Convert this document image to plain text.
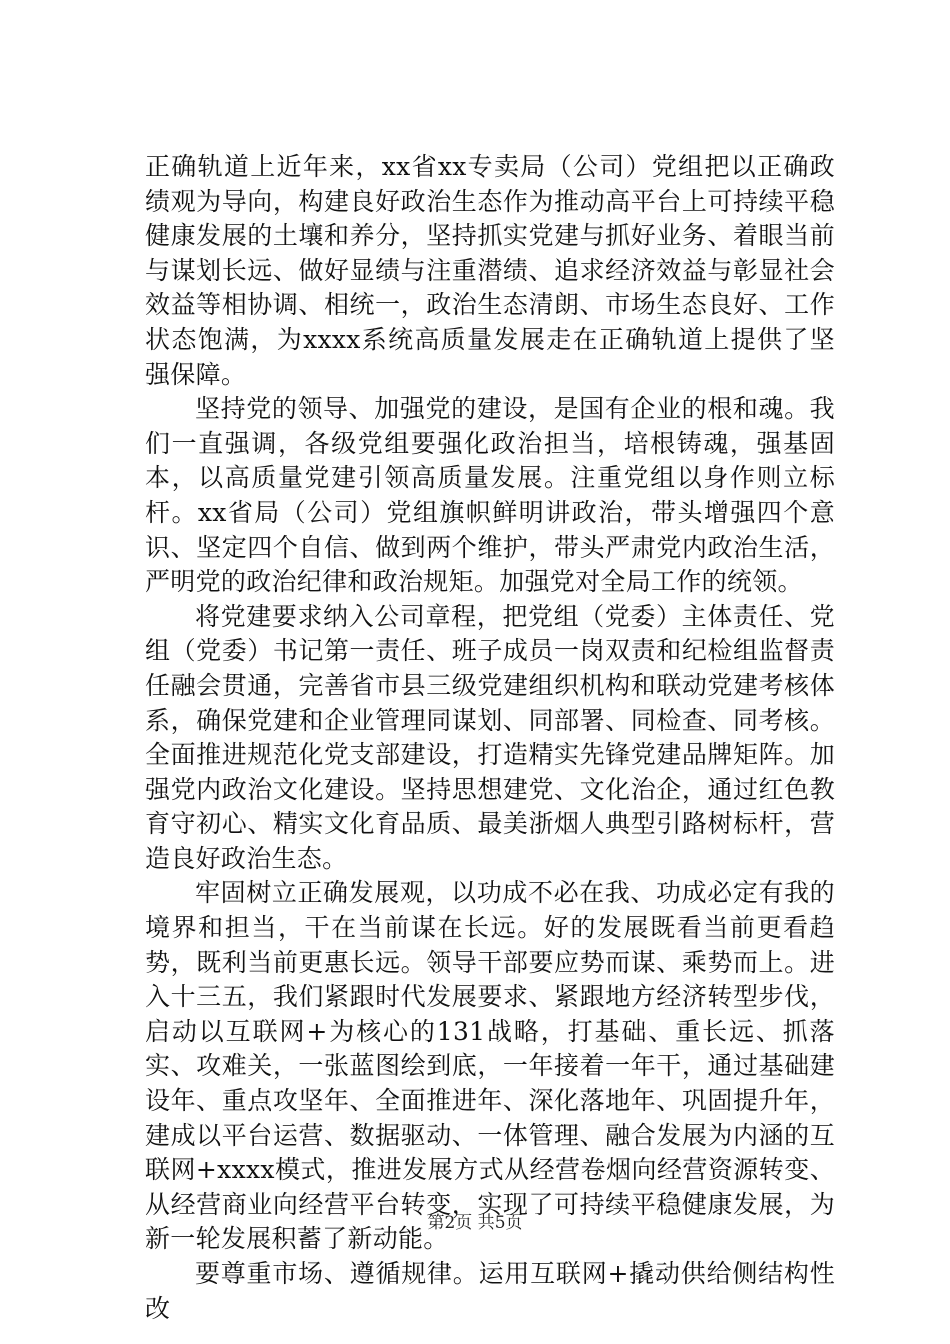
正确轨道上近年来，xx省xx专卖局（公司）党组把以正确政绩观为导向，构建良好政治生态作为推动高平台上可持续平稳健康发展的土壤和养分，坚持抓实党建与抓好业务、着眼当前与谋划长远、做好显绩与注重潜绩、追求经济效益与彰显社会效益等相协调、相统一，政治生态清朗、市场生态良好、工作状态饱满，为xxxx系统高质量发展走在正确轨道上提供了坚强保障。

坚持党的领导、加强党的建设，是国有企业的根和魂。我们一直强调，各级党组要强化政治担当，培根铸魂，强基固本，以高质量党建引领高质量发展。注重党组以身作则立标杆。xx省局（公司）党组旗帜鲜明讲政治，带头增强四个意识、坚定四个自信、做到两个维护，带头严肃党内政治生活，严明党的政治纪律和政治规矩。加强党对全局工作的统领。

将党建要求纳入公司章程，把党组（党委）主体责任、党组（党委）书记第一责任、班子成员一岗双责和纪检组监督责任融会贯通，完善省市县三级党建组织机构和联动党建考核体系，确保党建和企业管理同谋划、同部署、同检查、同考核。全面推进规范化党支部建设，打造精实先锋党建品牌矩阵。加强党内政治文化建设。坚持思想建党、文化治企，通过红色教育守初心、精实文化育品质、最美浙烟人典型引路树标杆，营造良好政治生态。

牢固树立正确发展观，以功成不必在我、功成必定有我的境界和担当，干在当前谋在长远。好的发展既看当前更看趋势，既利当前更惠长远。领导干部要应势而谋、乘势而上。进入十三五，我们紧跟时代发展要求、紧跟地方经济转型步伐，启动以互联网+为核心的131战略，打基础、重长远、抓落实、攻难关，一张蓝图绘到底，一年接着一年干，通过基础建设年、重点攻坚年、全面推进年、深化落地年、巩固提升年，建成以平台运营、数据驱动、一体管理、融合发展为内涵的互联网+xxxx模式，推进发展方式从经营卷烟向经营资源转变、从经营商业向经营平台转变，实现了可持续平稳健康发展，为新一轮发展积蓄了新动能。

要尊重市场、遵循规律。运用互联网+撬动供给侧结构性改

第2页 共5页
